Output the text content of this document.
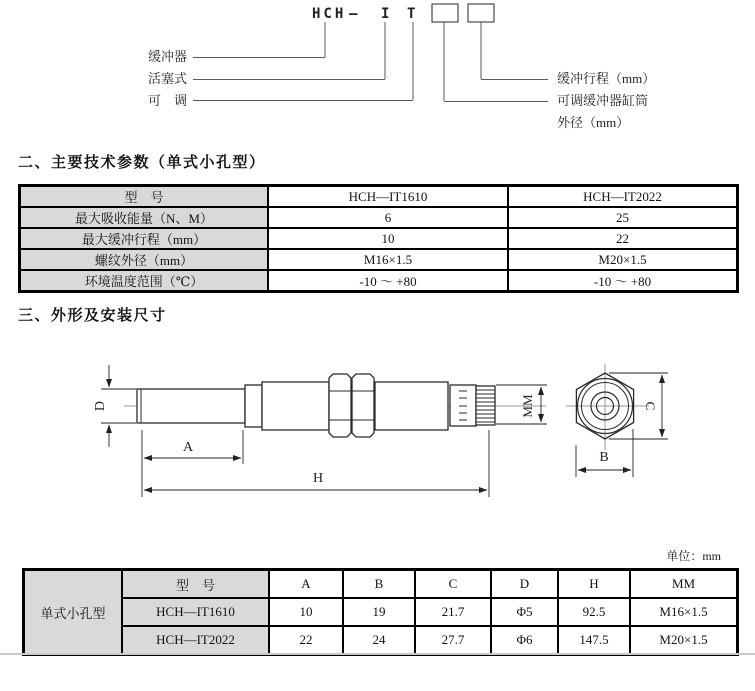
HCH — I T
缓冲器
活塞式
可　调
缓冲行程（mm）
可调缓冲器缸筒
外径（mm）
二、主要技术参数（单式小孔型）
型　号	HCH—IT1610	HCH—IT2022
最大吸收能量（N、M）	6	25
最大缓冲行程（mm）	10	22
螺纹外径（mm）	M16×1.5	M20×1.5
环境温度范围（℃）	-10 ～ +80	-10 ～ +80
三、外形及安装尺寸
D
A
H
MM	C
B
单位：mm
单式小孔型	型　号	A	B	C	D	H	MM
	HCH—IT1610	10	19	21.7	Φ5	92.5	M16×1.5
	HCH—IT2022	22	24	27.7	Φ6	147.5	M20×1.5
